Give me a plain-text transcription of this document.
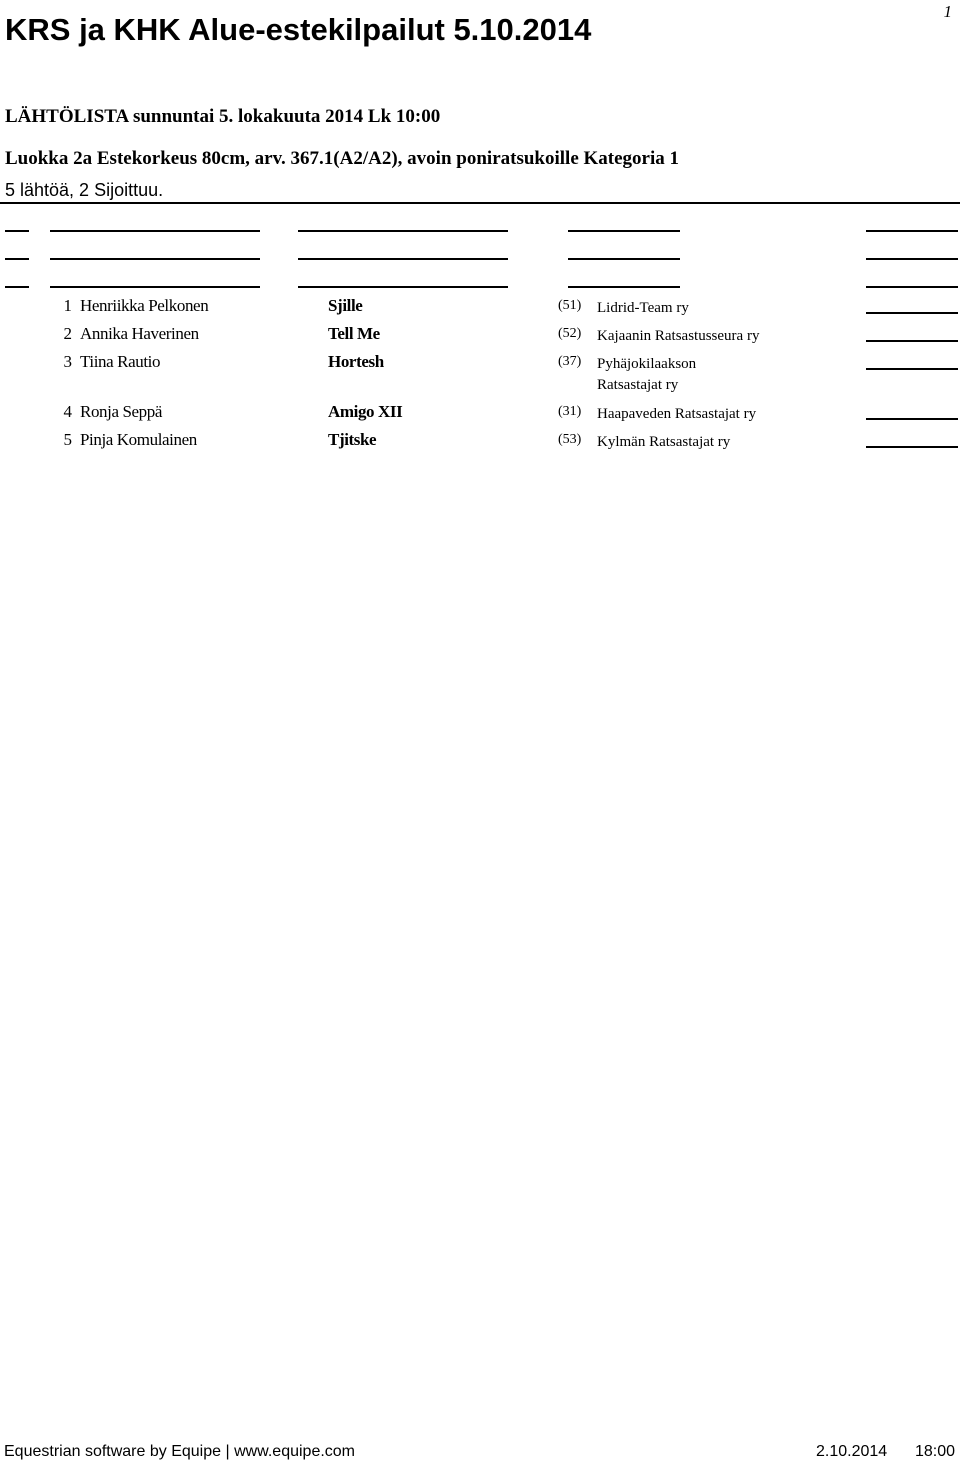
KRS ja KHK Alue-estekilpailut 5.10.2014
1
LÄHTÖLISTA sunnuntai 5. lokakuuta 2014 Lk 10:00
Luokka 2a Estekorkeus 80cm, arv. 367.1(A2/A2), avoin poniratsukoille Kategoria 1
5 lähtöä, 2 Sijoittuu.
1 Henriikka Pelkonen	Sjille	(51) Lidrid-Team ry
2 Annika Haverinen	Tell Me	(52) Kajaanin Ratsastusseura ry
3 Tiina Rautio	Hortesh	(37) Pyhäjokilaakson Ratsastajat ry
4 Ronja Seppä	Amigo XII	(31) Haapaveden Ratsastajat ry
5 Pinja Komulainen	Tjitske	(53) Kylmän Ratsastajat ry
Equestrian software by Equipe | www.equipe.com	2.10.2014 18:00
